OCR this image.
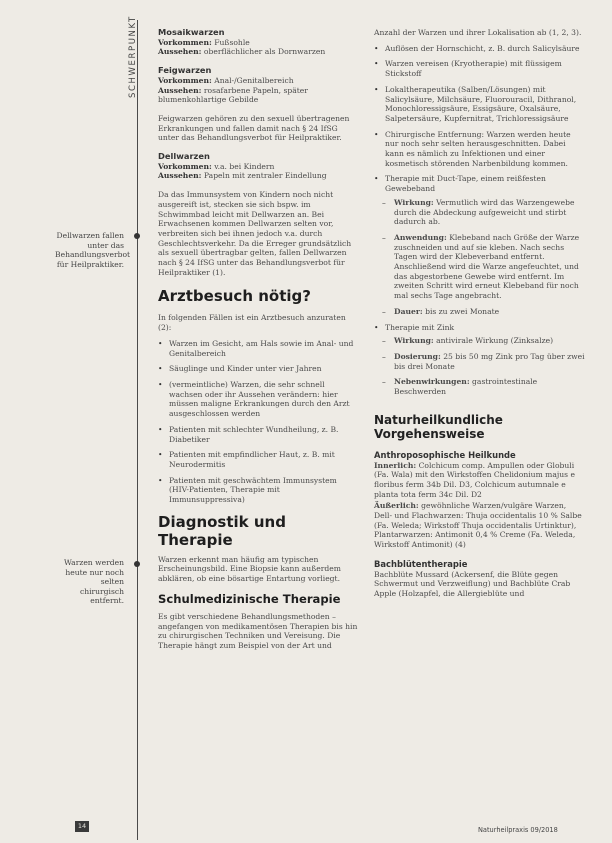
SCHWERPUNKT
Dellwarzen fallen unter das Behandlungsverbot für Heilpraktiker.
Warzen werden heute nur noch selten chirurgisch entfernt.
Mosaikwarzen
Vorkommen: Fußsohle
Aussehen: oberflächlicher als Dornwarzen
Feigwarzen
Vorkommen: Anal-/Genitalbereich
Aussehen: rosafarbene Papeln, später blumenkohlartige Gebilde

Feigwarzen gehören zu den sexuell übertragenen Erkrankungen und fallen damit nach § 24 IfSG unter das Behandlungsverbot für Heilpraktiker.

Dellwarzen
Vorkommen: v.a. bei Kindern
Aussehen: Papeln mit zentraler Eindellung

Da das Immunsystem von Kindern noch nicht ausgereift ist, stecken sie sich bspw. im Schwimmbad leicht mit Dellwarzen an. Bei Erwachsenen kommen Dellwarzen selten vor, verbreiten sich bei ihnen jedoch v.a. durch Geschlechtsverkehr. Da die Erreger grundsätzlich als sexuell übertragbar gelten, fallen Dellwarzen nach § 24 IfSG unter das Behandlungsverbot für Heilpraktiker (1).

Arztbesuch nötig?

In folgenden Fällen ist ein Arztbesuch anzuraten (2):

• Warzen im Gesicht, am Hals sowie im Anal- und Genitalbereich
• Säuglinge und Kinder unter vier Jahren
• (vermeintliche) Warzen, die sehr schnell wachsen oder ihr Aussehen verändern: hier müssen maligne Erkrankungen durch den Arzt ausgeschlossen werden
• Patienten mit schlechter Wundheilung, z. B. Diabetiker
• Patienten mit empfindlicher Haut, z. B. mit Neurodermitis
• Patienten mit geschwächtem Immunsystem (HIV-Patienten, Therapie mit Immunsuppressiva)
Diagnostik und Therapie

Warzen erkennt man häufig am typischen Erscheinungsbild. Eine Biopsie kann außerdem abklären, ob eine bösartige Entartung vorliegt.

Schulmedizinische Therapie

Es gibt verschiedene Behandlungsmethoden – angefangen von medikamentösen Therapien bis hin zu chirurgischen Techniken und Vereisung. Die Therapie hängt zum Beispiel von der Art und

Anzahl der Warzen und ihrer Lokalisation ab (1, 2, 3).

• Auflösen der Hornschicht, z. B. durch Salicylsäure
• Warzen vereisen (Kryotherapie) mit flüssigem Stickstoff
• Lokaltherapeutika (Salben/Lösungen) mit Salicylsäure, Milchsäure, Fluorouracil, Dithranol, Monochloressigsäure, Essigsäure, Oxalsäure, Salpetersäure, Kupfernitrat, Trichloressigsäure
• Chirurgische Entfernung: Warzen werden heute nur noch sehr selten herausgeschnitten. Dabei kann es nämlich zu Infektionen und einer kosmetisch störenden Narbenbildung kommen.
• Therapie mit Duct-Tape, einem reißfesten Gewebeband
– Wirkung: Vermutlich wird das Warzengewebe durch die Abdeckung aufgeweicht und stirbt dadurch ab.
– Anwendung: Klebeband nach Größe der Warze zuschneiden und auf sie kleben. Nach sechs Tagen wird der Klebeverband entfernt. Anschließend wird die Warze angefeuchtet, und das abgestorbene Gewebe wird entfernt. Im zweiten Schritt wird erneut Klebeband für noch mal sechs Tage angebracht.
– Dauer: bis zu zwei Monate
• Therapie mit Zink
– Wirkung: antivirale Wirkung (Zinksalze)
– Dosierung: 25 bis 50 mg Zink pro Tag über zwei bis drei Monate
– Nebenwirkungen: gastrointestinale Beschwerden
Naturheilkundliche Vorgehensweise
Anthroposophische Heilkunde

Innerlich: Colchicum comp. Ampullen oder Globuli (Fa. Wala) mit den Wirkstoffen Chelidonium majus e floribus ferm 34b Dil. D3, Colchicum autumnale e planta tota ferm 34c Dil. D2

Äußerlich: gewöhnliche Warzen/vulgäre Warzen, Dell- und Flachwarzen: Thuja occidentalis 10 % Salbe (Fa. Weleda; Wirkstoff Thuja occidentalis Urtinktur), Plantarwarzen: Antimonit 0,4 % Creme (Fa. Weleda, Wirkstoff Antimonit) (4)

Bachblütentherapie

Bachblüte Mussard (Ackersenf, die Blüte gegen Schwermut und Verzweiflung) und Bachblüte Crab Apple (Holzapfel, die Allergieblüte und

14	Naturheilpraxis 09/2018
